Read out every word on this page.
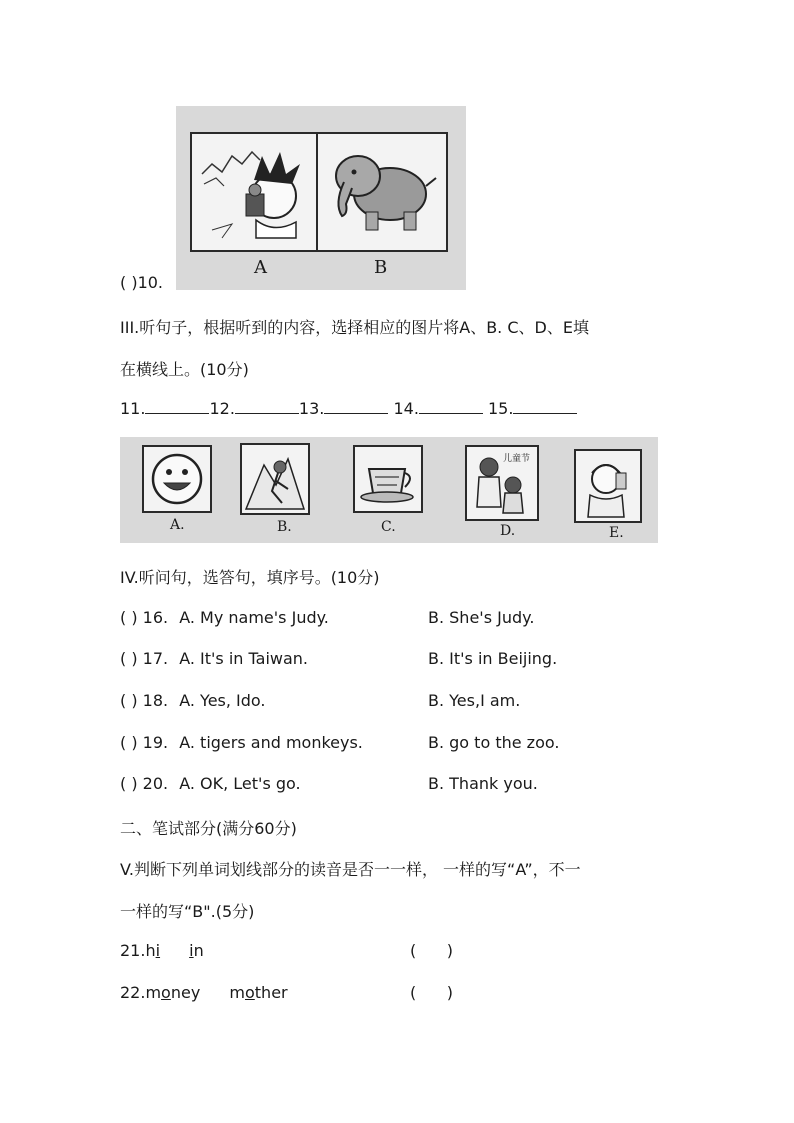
A	B
( )10.
III.听句子，根据听到的内容，选择相应的图片将A、B. C、D、E填
在横线上。(10分)
11.	12.	13.	14.	15.
A.	B.	C.
儿童节
D.	E.
IV.听问句，选答句，填序号。(10分)
( ) 16. A. My name's Judy.	B. She's Judy.
( ) 17. A. It's in Taiwan.	B. It's in Beijing.
( ) 18. A. Yes, Ido.	B. Yes,I am.
( ) 19. A. tigers and monkeys.	B. go to the zoo.
( ) 20. A. OK, Let's go.	B. Thank you.
二、笔试部分(满分60分)
V.判断下列单词划线部分的读音是否一一样， 一样的写“A”，不一
一样的写“B".(5分)
21.hi in	(      )
22.money mother	(      )
